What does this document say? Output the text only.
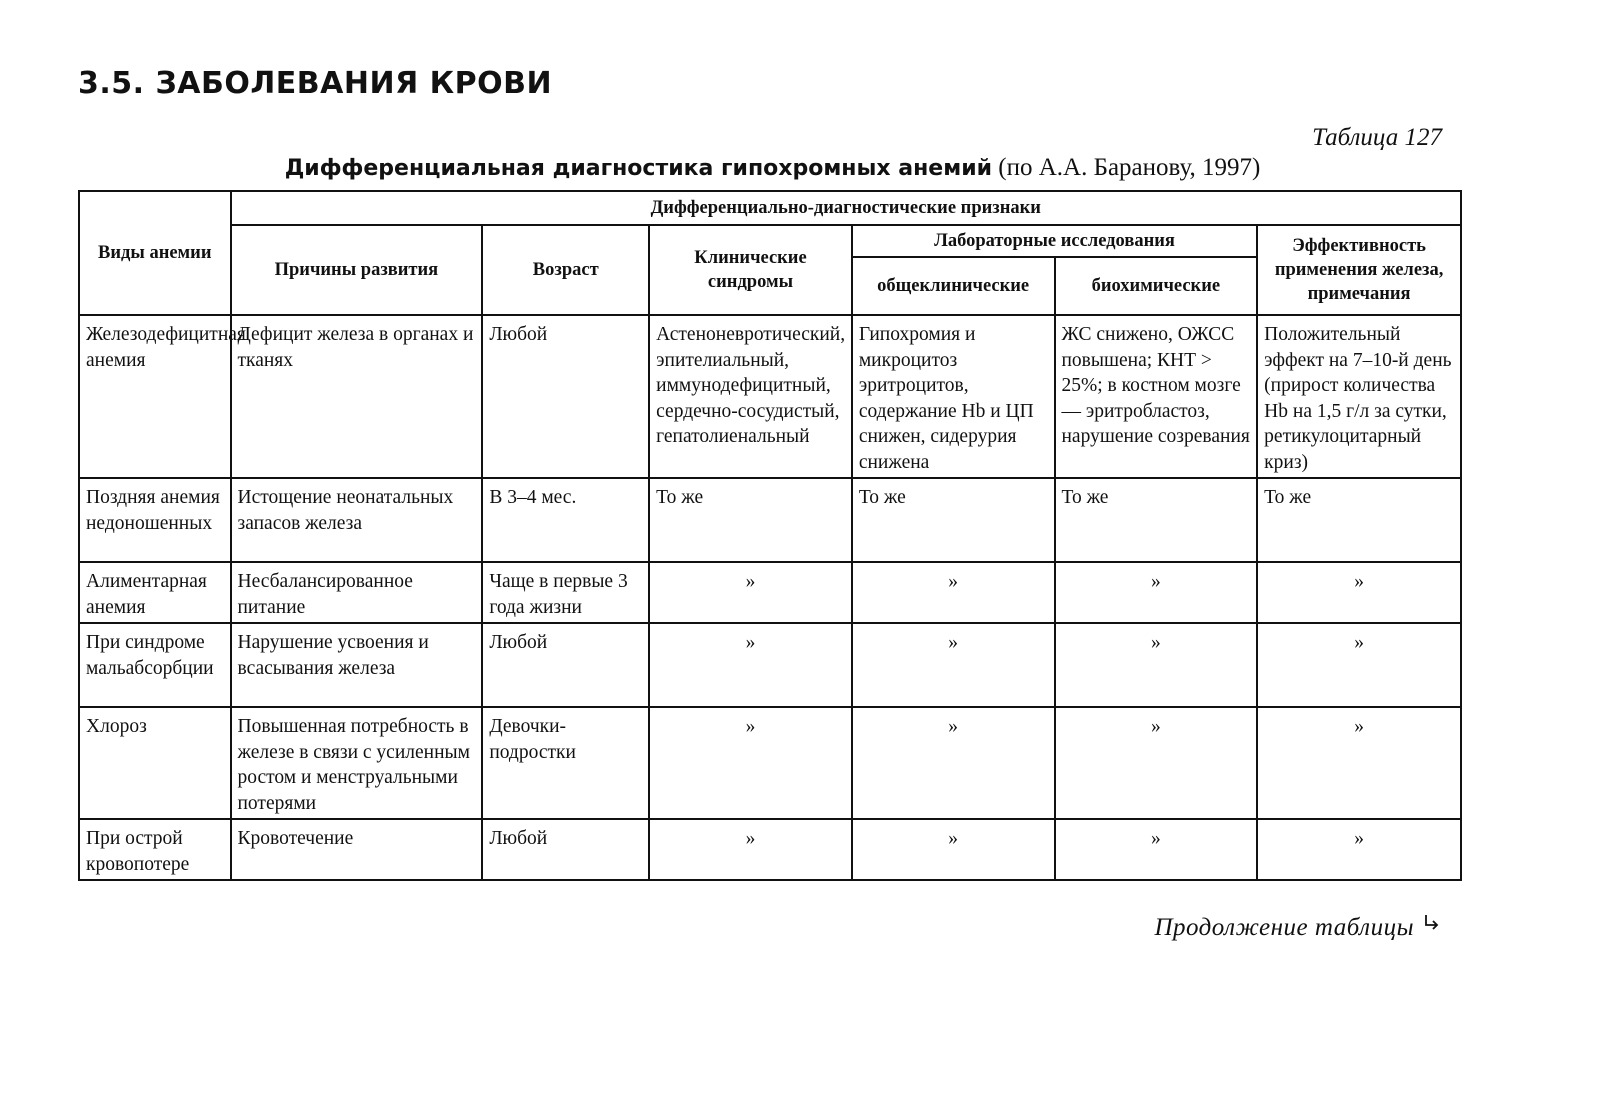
3.5. ЗАБОЛЕВАНИЯ КРОВИ
Таблица 127
Дифференциальная диагностика гипохромных анемий (по А.А. Баранову, 1997)
Виды анемии	Дифференциально-диагностические признаки					
	Причины развития	Возраст	Клинические синдромы	Лабораторные исследования		Эффективность применения железа, примечания
				общеклинические	биохимические	
Железодефицитная анемия	Дефицит железа в органах и тканях	Любой	Астеноневротический, эпителиальный, иммунодефицитный, сердечно-сосудистый, гепатолиенальный	Гипохромия и микроцитоз эритроцитов, содержание Hb и ЦП снижен, сидерурия снижена	ЖС снижено, ОЖСС повышена; КНТ > 25%; в костном мозге — эритробластоз, нарушение созревания	Положительный эффект на 7–10-й день (прирост количества Hb на 1,5 г/л за сутки, ретикулоцитарный криз)
Поздняя анемия недоношенных	Истощение неонатальных запасов железа	В 3–4 мес.	То же	То же	То же	То же
Алиментарная анемия	Несбалансированное питание	Чаще в первые 3 года жизни	»	»	»	»
При синдроме мальабсорбции	Нарушение усвоения и всасывания железа	Любой	»	»	»	»
Хлороз	Повышенная потребность в железе в связи с усиленным ростом и менструальными потерями	Девочки-подростки	»	»	»	»
При острой кровопотере	Кровотечение	Любой	»	»	»	»
Продолжение таблицы
